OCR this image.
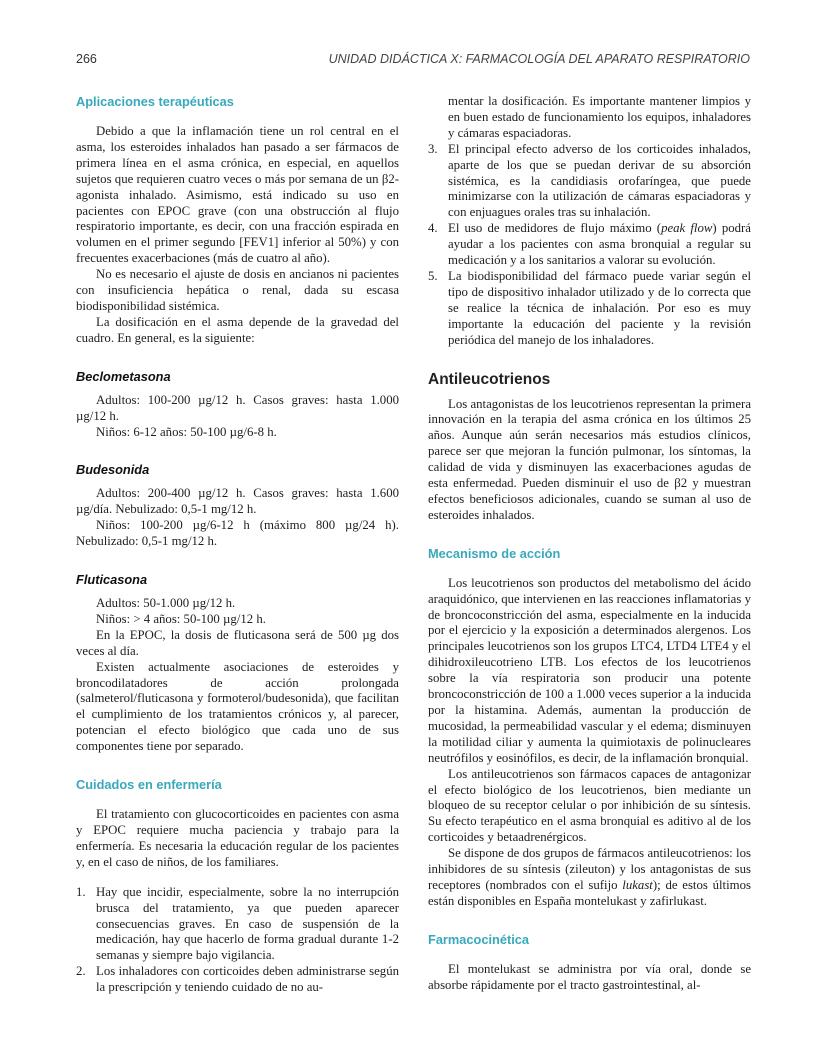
266	UNIDAD DIDÁCTICA X: FARMACOLOGÍA DEL APARATO RESPIRATORIO
Aplicaciones terapéuticas

Debido a que la inflamación tiene un rol central en el asma, los esteroides inhalados han pasado a ser fármacos de primera línea en el asma crónica, en especial, en aquellos sujetos que requieren cuatro veces o más por semana de un β2-agonista inhalado. Asimismo, está indicado su uso en pacientes con EPOC grave (con una obstrucción al flujo respiratorio importante, es decir, con una fracción espirada en volumen en el primer segundo [FEV1] inferior al 50%) y con frecuentes exacerbaciones (más de cuatro al año).

No es necesario el ajuste de dosis en ancianos ni pacientes con insuficiencia hepática o renal, dada su escasa biodisponibilidad sistémica.

La dosificación en el asma depende de la gravedad del cuadro. En general, es la siguiente:

Beclometasona

Adultos: 100-200 µg/12 h. Casos graves: hasta 1.000 µg/12 h.

Niños: 6-12 años: 50-100 µg/6-8 h.

Budesonida

Adultos: 200-400 µg/12 h. Casos graves: hasta 1.600 µg/día. Nebulizado: 0,5-1 mg/12 h.

Niños: 100-200 µg/6-12 h (máximo 800 µg/24 h). Nebulizado: 0,5-1 mg/12 h.

Fluticasona

Adultos: 50-1.000 µg/12 h.

Niños: > 4 años: 50-100 µg/12 h.

En la EPOC, la dosis de fluticasona será de 500 µg dos veces al día.

Existen actualmente asociaciones de esteroides y broncodilatadores de acción prolongada (salmeterol/fluticasona y formoterol/budesonida), que facilitan el cumplimiento de los tratamientos crónicos y, al parecer, potencian el efecto biológico que cada uno de sus componentes tiene por separado.

Cuidados en enfermería

El tratamiento con glucocorticoides en pacientes con asma y EPOC requiere mucha paciencia y trabajo para la enfermería. Es necesaria la educación regular de los pacientes y, en el caso de niños, de los familiares.

1. Hay que incidir, especialmente, sobre la no interrupción brusca del tratamiento, ya que pueden aparecer consecuencias graves. En caso de suspensión de la medicación, hay que hacerlo de forma gradual durante 1-2 semanas y siempre bajo vigilancia.
2. Los inhaladores con corticoides deben administrarse según la prescripción y teniendo cuidado de no au-

mentar la dosificación. Es importante mantener limpios y en buen estado de funcionamiento los equipos, inhaladores y cámaras espaciadoras.

3. El principal efecto adverso de los corticoides inhalados, aparte de los que se puedan derivar de su absorción sistémica, es la candidiasis orofaríngea, que puede minimizarse con la utilización de cámaras espaciadoras y con enjuagues orales tras su inhalación.
4. El uso de medidores de flujo máximo (peak flow) podrá ayudar a los pacientes con asma bronquial a regular su medicación y a los sanitarios a valorar su evolución.
5. La biodisponibilidad del fármaco puede variar según el tipo de dispositivo inhalador utilizado y de lo correcta que se realice la técnica de inhalación. Por eso es muy importante la educación del paciente y la revisión periódica del manejo de los inhaladores.
Antileucotrienos

Los antagonistas de los leucotrienos representan la primera innovación en la terapia del asma crónica en los últimos 25 años. Aunque aún serán necesarios más estudios clínicos, parece ser que mejoran la función pulmonar, los síntomas, la calidad de vida y disminuyen las exacerbaciones agudas de esta enfermedad. Pueden disminuir el uso de β2 y muestran efectos beneficiosos adicionales, cuando se suman al uso de esteroides inhalados.

Mecanismo de acción

Los leucotrienos son productos del metabolismo del ácido araquidónico, que intervienen en las reacciones inflamatorias y de broncoconstricción del asma, especialmente en la inducida por el ejercicio y la exposición a determinados alergenos. Los principales leucotrienos son los grupos LTC4, LTD4 LTE4 y el dihidroxileucotrieno LTB. Los efectos de los leucotrienos sobre la vía respiratoria son producir una potente broncoconstricción de 100 a 1.000 veces superior a la inducida por la histamina. Además, aumentan la producción de mucosidad, la permeabilidad vascular y el edema; disminuyen la motilidad ciliar y aumenta la quimiotaxis de polinucleares neutrófilos y eosinófilos, es decir, de la inflamación bronquial.

Los antileucotrienos son fármacos capaces de antagonizar el efecto biológico de los leucotrienos, bien mediante un bloqueo de su receptor celular o por inhibición de su síntesis. Su efecto terapéutico en el asma bronquial es aditivo al de los corticoides y betaadrenérgicos.

Se dispone de dos grupos de fármacos antileucotrienos: los inhibidores de su síntesis (zileuton) y los antagonistas de sus receptores (nombrados con el sufijo lukast); de estos últimos están disponibles en España montelukast y zafirlukast.

Farmacocinética

El montelukast se administra por vía oral, donde se absorbe rápidamente por el tracto gastrointestinal, al-
